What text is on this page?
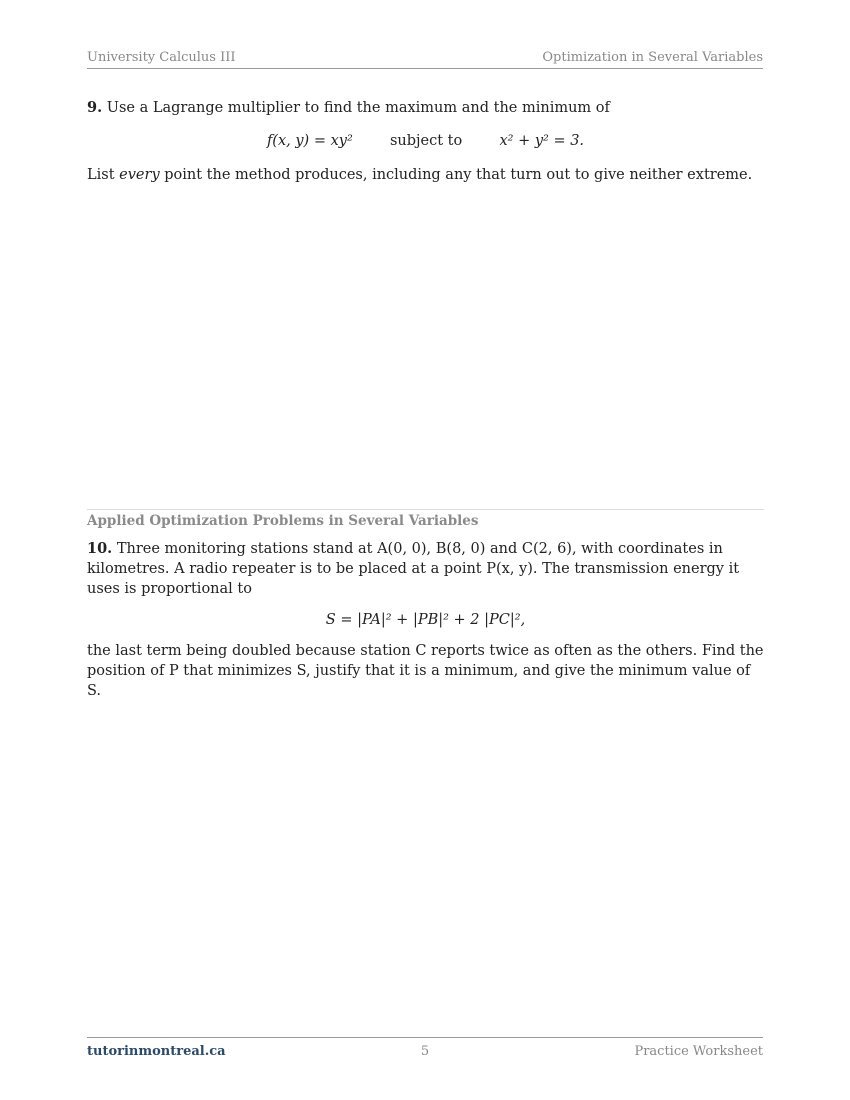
University Calculus III	Optimization in Several Variables
9. Use a Lagrange multiplier to find the maximum and the minimum of
f(x, y) = xy²	subject to	x² + y² = 3.
List every point the method produces, including any that turn out to give neither extreme.
Applied Optimization Problems in Several Variables
10. Three monitoring stations stand at A(0, 0), B(8, 0) and C(2, 6), with coordinates in kilometres. A radio repeater is to be placed at a point P(x, y). The transmission energy it uses is proportional to
S = |PA|² + |PB|² + 2 |PC|²,
the last term being doubled because station C reports twice as often as the others. Find the position of P that minimizes S, justify that it is a minimum, and give the minimum value of S.
tutorinmontreal.ca	5	Practice Worksheet
